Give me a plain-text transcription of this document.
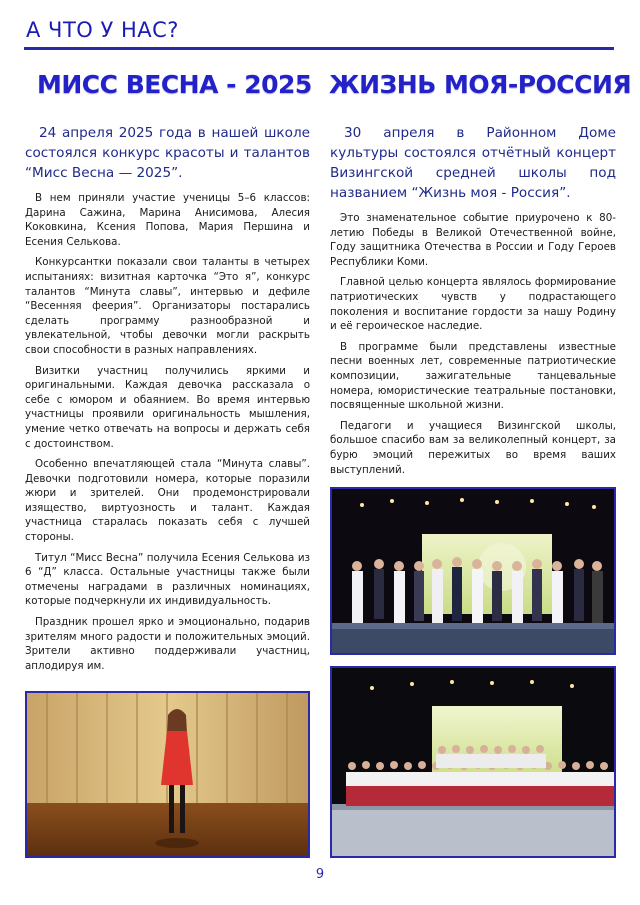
А ЧТО У НАС?
МИСС ВЕСНА - 2025 ЖИЗНЬ МОЯ-РОССИЯ

24 апреля 2025 года в нашей школе состоялся конкурс красоты и талантов “Мисс Весна — 2025”.

В нем приняли участие ученицы 5–6 классов: Дарина Сажина, Марина Анисимова, Алесия Коковкина, Ксения Попова, Мария Першина и Есения Селькова.

Конкурсантки показали свои таланты в четырех испытаниях: визитная карточка “Это я”, конкурс талантов “Минута славы”, интервью и дефиле “Весенняя феерия”. Организаторы постарались сделать программу разнообразной и увлекательной, чтобы девочки могли раскрыть свои способности в разных направлениях.

Визитки участниц получились яркими и оригинальными. Каждая девочка рассказала о себе с юмором и обаянием. Во время интервью участницы проявили оригинальность мышления, умение четко отвечать на вопросы и держать себя с достоинством.

Особенно впечатляющей стала “Минута славы”. Девочки подготовили номера, которые поразили жюри и зрителей. Они продемонстрировали изящество, виртуозность и талант. Каждая участница старалась показать себя с лучшей стороны.

Титул “Мисс Весна” получила Есения Селькова из 6 “Д” класса. Остальные участницы также были отмечены наградами в различных номинациях, которые подчеркнули их индивидуальность.

Праздник прошел ярко и эмоционально, подарив зрителям много радости и положительных эмоций. Зрители активно поддерживали участниц, аплодируя им.

30 апреля в Районном Доме культуры состоялся отчётный концерт Визингской средней школы под названием “Жизнь моя - Россия”.

Это знаменательное событие приурочено к 80-летию Победы в Великой Отечественной войне, Году защитника Отечества в России и Году Героев Республики Коми.

Главной целью концерта являлось формирование патриотических чувств у подрастающего поколения и воспитание гордости за нашу Родину и её героическое наследие.

В программе были представлены известные песни военных лет, современные патриотические композиции, зажигательные танцевальные номера, юмористические театральные постановки, посвященные школьной жизни.

Педагоги и учащиеся Визингской школы, большое спасибо вам за великолепный концерт, за бурю эмоций пережитых во время ваших выступлений.

9
